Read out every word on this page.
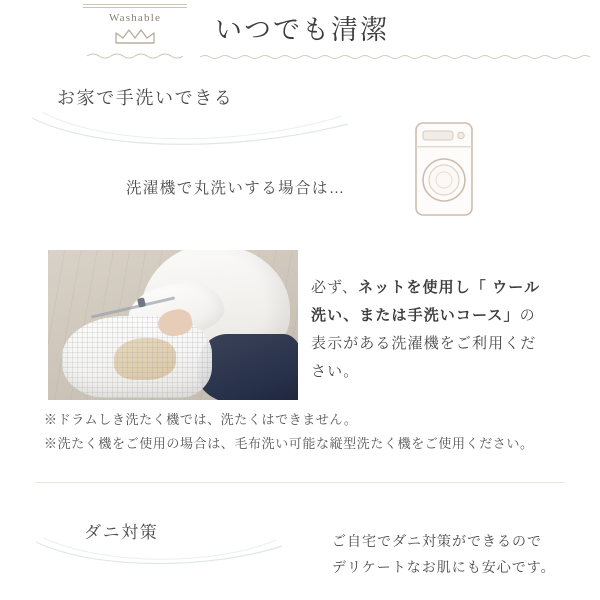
Washable	いつでも清潔
お家で手洗いできる
洗濯機で丸洗いする場合は…
必ず、ネットを使用し「 ウール
洗い、または手洗いコース」の
表示がある洗濯機をご利用くだ
さい。
※ドラムしき洗たく機では、洗たくはできません。
※洗たく機をご使用の場合は、毛布洗い可能な縦型洗たく機をご使用ください。
ダニ対策	ご自宅でダニ対策ができるので
デリケートなお肌にも安心です。
